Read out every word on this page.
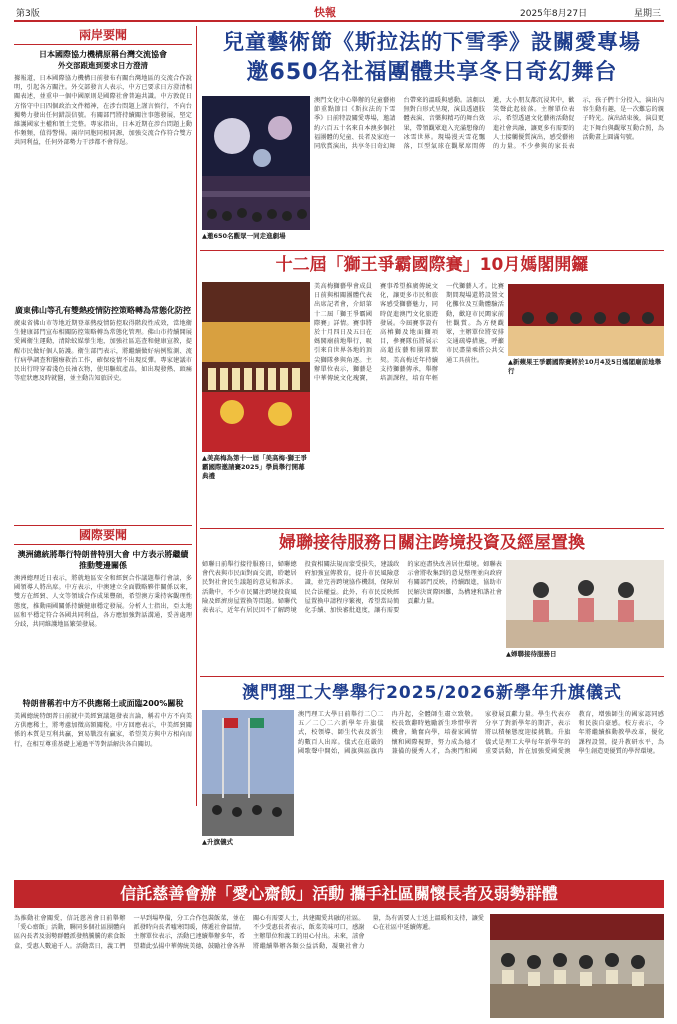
第3版	快報	2025年8月27日	星期三
兩岸要聞
日本國際協力機構原稱台灣交流協會
外交部跟進到要求日方澄清
據報道，日本國際協力機構日前發布有關台灣地區的交流合作說明，引起各方關注。外交部發言人表示，中方已要求日方澄清相關表述，並重申一個中國原則是國際社會普遍共識。中方敦促日方恪守中日四個政治文件精神，在涉台問題上謹言慎行，不向台獨勢力發出任何錯誤信號。有關部門將持續關注事態發展，堅定維護國家主權和領土完整。專家指出，日本近期在涉台問題上動作頻頻，值得警惕。兩岸同胞同根同源，加強交流合作符合雙方共同利益，任何外部勢力干涉都不會得逞。
廣東佛山等孔有雙熱疫情防控策略轉為常態化防控
廣東省佛山市等地近期登革熱疫情防控取得階段性成效，當地衛生健康部門宣布相關防控策略轉為常態化管理。佛山市持續開展愛國衛生運動，清除蚊媒孳生地，加強社區巡查和健康宣教，提醒市民做好個人防護。衛生部門表示，將繼續做好病例監測、流行病學調查和醫療救治工作，確保疫情不出現反彈。專家建議市民出行時穿着淺色長袖衣物，使用驅蚊產品，如出現發熱、頭痛等症狀應及時就醫，並主動告知旅居史。
國際要聞
澳洲總統將舉行特朗普特別大會 中方表示將繼續推動雙邊關係
澳洲總理近日表示，將就地區安全和經貿合作議題舉行會談，多國領導人將出席。中方表示，中澳建立全面戰略夥伴關係以來，雙方在經貿、人文等領域合作成果豐碩，希望澳方秉持客觀理性態度，推動兩國關係持續健康穩定發展。分析人士指出，亞太地區和平穩定符合各國共同利益，各方應加強對話溝通，妥善處理分歧，共同維護地區繁榮發展。
特朗普稱若中方不供應稀土或面臨200%關稅
美國總統特朗普日前就中美經貿議題發表言論，稱若中方不向美方供應稀土，將考慮加徵高額關稅。中方回應表示，中美經貿關係的本質是互利共贏，貿易戰沒有贏家，希望美方與中方相向而行，在相互尊重基礎上通過平等對話解決各自關切。
兒童藝術節《斯拉法的下雪季》設關愛專場
邀650名社福團體共享冬日奇幻舞台
▲ 邀650名觀眾一同走進劇場
澳門文化中心舉辦的兒童藝術節重點節目《斯拉法的下雪季》日前特設關愛專場，邀請約六百五十名來自本澳多個社福團體的兒童、長者及家庭一同欣賞演出，共享冬日奇幻舞台帶來的溫暖與感動。該劇以無對白形式呈現，演員透過肢體表演、音樂與精巧的舞台效果，帶領觀眾進入充滿想像的冰雪世界。現場漫天雪花飄落，巨型氣球在觀眾席間傳遞，大小朋友都沉浸其中，歡笑聲此起彼落。主辦單位表示，希望透過文化藝術活動促進社會共融，讓更多有需要的人士接觸優質演出，感受藝術的力量。不少參與的家長表示，孩子們十分投入，演出內容生動有趣，是一次難忘的親子時光。演出結束後，演員更走下舞台與觀眾互動合照，為活動畫上圓滿句號。
十二屆「獅王爭霸國際賽」10月媽閣開鑼
▲ 美高梅為第十一屆「美高梅·獅王爭霸國際邀請賽2025」學員舉行開幕典禮
美高梅獅藝學會成員日前與相關團體代表出席記者會，介紹第十二屆「獅王爭霸國際賽」詳情。賽事將於十月四日及五日在媽閣廟前地舉行，吸引來自世界各地的頂尖獅隊參與角逐。主辦單位表示，獅藝是中華傳統文化瑰寶，賽事希望推廣傳統文化，讓更多市民和旅客感受獅藝魅力，同時促進澳門文化旅遊發展。今屆賽事設有高樁獅及地面獅項目，參賽隊伍將展示高超技藝和團隊默契。美高梅近年持續支持獅藝傳承，舉辦培訓課程，培育年輕一代獅藝人才。比賽期間現場還將設置文化攤位及互動體驗活動，歡迎市民闔家前往觀賞。為方便觀眾，主辦單位將安排交通疏導措施，呼籲市民盡量乘搭公共交通工具前往。
▲	新蘋果王爭霸國際賽將於10月4及5日媽閣廟前地舉行
婦聯接待服務日關注跨境投資及經屋置換
婦聯日前舉行接待服務日，婦聯總會代表與市民面對面交流，聆聽居民對社會民生議題的意見和訴求。活動中，不少市民關注跨境投資風險及經濟房屋置換等問題。婦聯代表表示，近年有居民因不了解跨境投資相關法規而蒙受損失，建議政府加強宣傳教育，提升市民風險意識，並完善跨境協作機制，保障居民合法權益。此外，有市民反映經屋置換申請程序繁複，希望當局簡化手續、加快審批進度，讓有需要的家庭盡快改善居住環境。婦聯表示會將收集到的意見整理並向政府有關部門反映，持續跟進，協助市民解決實際困難，為構建和諧社會貢獻力量。
▲ 婦聯接待服務日
澳門理工大學舉行2025/2026新學年升旗儀式
▲ 升旗儀式
澳門理工大學日前舉行二〇二五／二〇二六新學年升旗儀式，校領導、師生代表及新生約數百人出席。儀式在莊嚴的國歌聲中開始，國旗與區旗冉冉升起，全體師生肅立致敬。校長致辭時勉勵新生珍惜學習機會，勤奮向學，培養家國情懷和國際視野，努力成為德才兼備的優秀人才，為澳門和國家發展貢獻力量。學生代表亦分享了對新學年的期許，表示將以積極態度迎接挑戰。升旗儀式是理工大學每年新學年的重要活動，旨在加強愛國愛澳教育，增強師生的國家認同感和民族自豪感。校方表示，今年將繼續推動教學改革，優化課程設置，提升教研水平，為學生創造更優質的學習環境。
信託慈善會辦「愛心齋飯」活動 攜手社區關懷長者及弱勢群體
為推動社會關愛，信託慈善會日前舉辦「愛心齋飯」活動，聯同多個社區團體向區內長者及弱勢群體派發熱騰騰的素食飯盒，受惠人數逾千人。活動當日，義工們一早到場準備，分工合作包裝飯菜，並在派發時向長者噓寒問暖，傳遞社會溫情。主辦單位表示，活動已連續舉辦多年，希望藉此弘揚中華傳統美德，鼓勵社會各界關心有需要人士，共建關愛共融的社區。不少受惠長者表示，飯菜美味可口，感謝主辦單位和義工的用心付出。未來，該會將繼續舉辦各類公益活動，凝聚社會力量，為有需要人士送上溫暖和支持，讓愛心在社區中延續傳遞。
